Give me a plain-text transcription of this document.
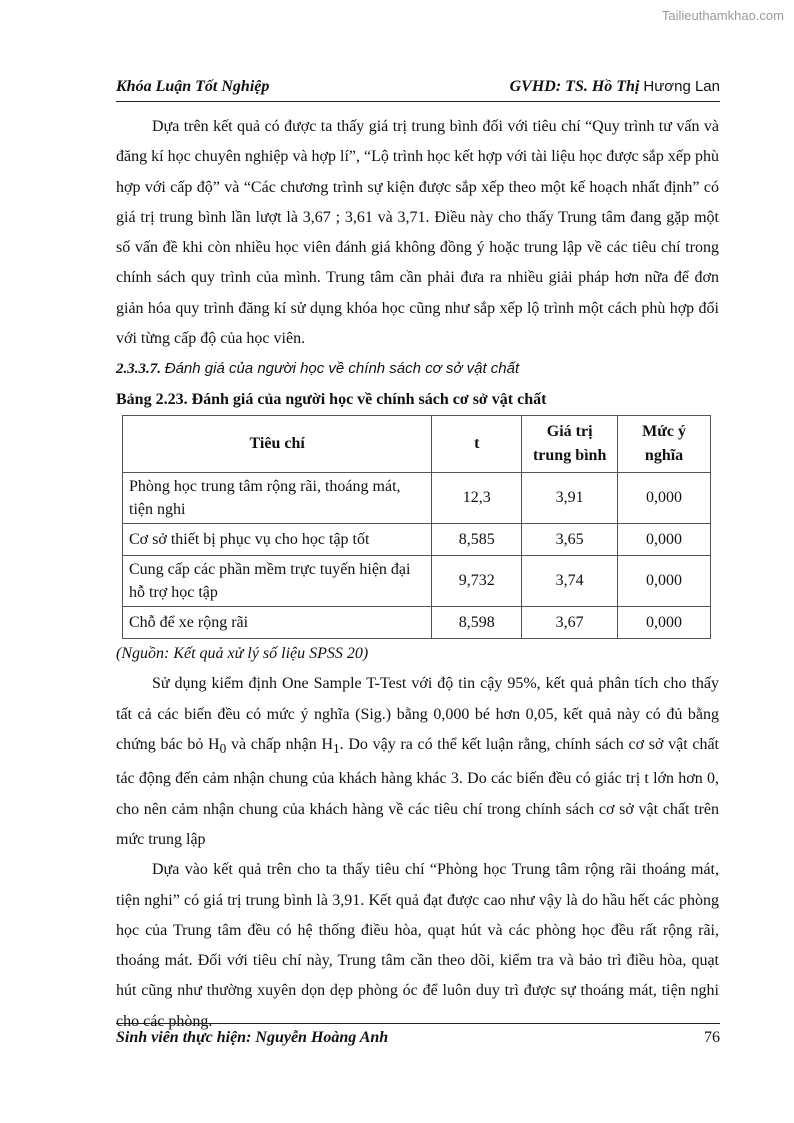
Tailieuthamkhao.com
Khóa Luận Tốt Nghiệp	GVHD: TS. Hồ Thị Hương Lan

Dựa trên kết quả có được ta thấy giá trị trung bình đối với tiêu chí “Quy trình tư vấn và đăng kí học chuyên nghiệp và hợp lí”, “Lộ trình học kết hợp với tài liệu học được sắp xếp phù hợp với cấp độ” và “Các chương trình sự kiện được sắp xếp theo một kế hoạch nhất định” có giá trị trung bình lần lượt là 3,67 ; 3,61 và 3,71. Điều này cho thấy Trung tâm đang gặp một số vấn đề khi còn nhiều học viên đánh giá không đồng ý hoặc trung lập về các tiêu chí trong chính sách quy trình của mình. Trung tâm cần phải đưa ra nhiều giải pháp hơn nữa để đơn giản hóa quy trình đăng kí sử dụng khóa học cũng như sắp xếp lộ trình một cách phù hợp đối với từng cấp độ của học viên.

2.3.3.7. Đánh giá của người học về chính sách cơ sở vật chất

Bảng 2.23. Đánh giá của người học về chính sách cơ sở vật chất

Tiêu chí	t	Giá trị trung bình	Mức ý nghĩa
Phòng học trung tâm rộng rãi, thoáng mát, tiện nghi	12,3	3,91	0,000
Cơ sở thiết bị phục vụ cho học tập tốt	8,585	3,65	0,000
Cung cấp các phần mềm trực tuyến hiện đại hỗ trợ học tập	9,732	3,74	0,000
Chỗ để xe rộng rãi	8,598	3,67	0,000

(Nguồn: Kết quả xử lý số liệu SPSS 20)

Sử dụng kiểm định One Sample T-Test với độ tin cậy 95%, kết quả phân tích cho thấy tất cả các biến đều có mức ý nghĩa (Sig.) bằng 0,000 bé hơn 0,05, kết quả này có đủ bằng chứng bác bỏ $H_0$ và chấp nhận $H_1$. Do vậy ra có thể kết luận rằng, chính sách cơ sở vật chất tác động đến cảm nhận chung của khách hàng khác 3. Do các biến đều có giác trị t lớn hơn 0, cho nên cảm nhận chung của khách hàng về các tiêu chí trong chính sách cơ sở vật chất trên mức trung lập

Dựa vào kết quả trên cho ta thấy tiêu chí “Phòng học Trung tâm rộng rãi thoáng mát, tiện nghi” có giá trị trung bình là 3,91. Kết quả đạt được cao như vậy là do hầu hết các phòng học của Trung tâm đều có hệ thống điều hòa, quạt hút và các phòng học đều rất rộng rãi, thoáng mát. Đối với tiêu chí này, Trung tâm cần theo dõi, kiểm tra và bảo trì điều hòa, quạt hút cũng như thường xuyên dọn dẹp phòng óc để luôn duy trì được sự thoáng mát, tiện nghi cho các phòng.

Sinh viên thực hiện: Nguyễn Hoàng Anh	76
